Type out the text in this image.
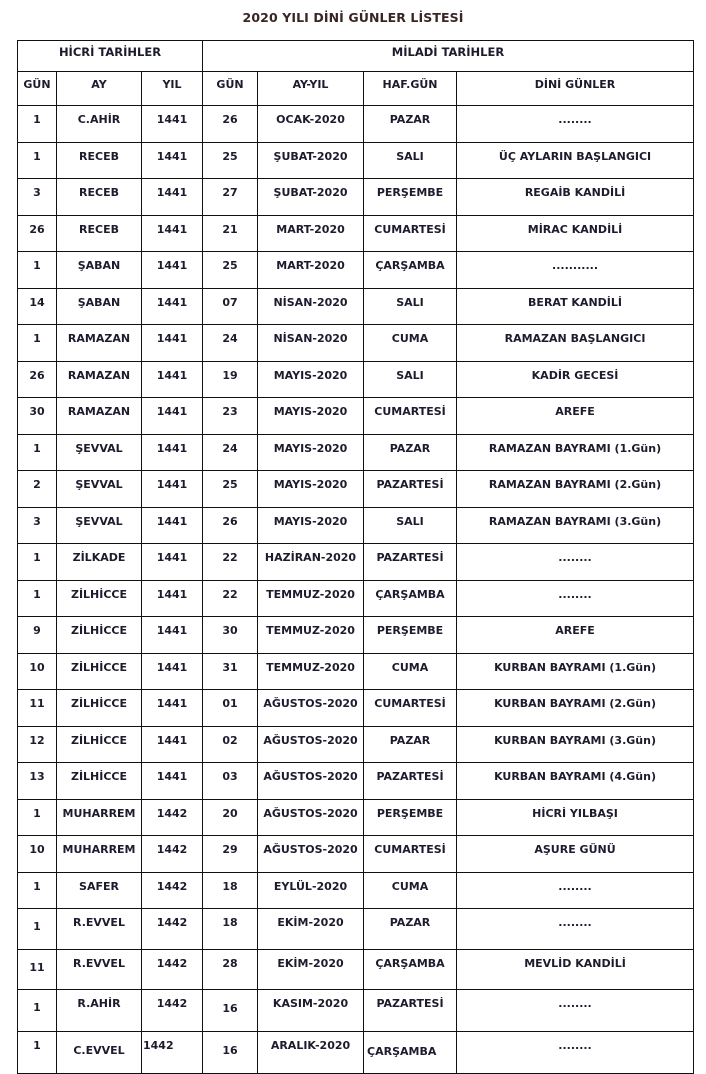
2020 YILI DİNİ GÜNLER LİSTESİ
HİCRİ TARİHLER			MİLADİ TARİHLER			
GÜN	AY	YIL	GÜN	AY-YIL	HAF.GÜN	DİNİ GÜNLER
1	C.AHİR	1441	26	OCAK-2020	PAZAR	........
1	RECEB	1441	25	ŞUBAT-2020	SALI	ÜÇ AYLARIN BAŞLANGICI
3	RECEB	1441	27	ŞUBAT-2020	PERŞEMBE	REGAİB KANDİLİ
26	RECEB	1441	21	MART-2020	CUMARTESİ	MİRAC KANDİLİ
1	ŞABAN	1441	25	MART-2020	ÇARŞAMBA	...........
14	ŞABAN	1441	07	NİSAN-2020	SALI	BERAT KANDİLİ
1	RAMAZAN	1441	24	NİSAN-2020	CUMA	RAMAZAN BAŞLANGICI
26	RAMAZAN	1441	19	MAYIS-2020	SALI	KADİR GECESİ
30	RAMAZAN	1441	23	MAYIS-2020	CUMARTESİ	AREFE
1	ŞEVVAL	1441	24	MAYIS-2020	PAZAR	RAMAZAN BAYRAMI (1.Gün)
2	ŞEVVAL	1441	25	MAYIS-2020	PAZARTESİ	RAMAZAN BAYRAMI (2.Gün)
3	ŞEVVAL	1441	26	MAYIS-2020	SALI	RAMAZAN BAYRAMI (3.Gün)
1	ZİLKADE	1441	22	HAZİRAN-2020	PAZARTESİ	........
1	ZİLHİCCE	1441	22	TEMMUZ-2020	ÇARŞAMBA	........
9	ZİLHİCCE	1441	30	TEMMUZ-2020	PERŞEMBE	AREFE
10	ZİLHİCCE	1441	31	TEMMUZ-2020	CUMA	KURBAN BAYRAMI (1.Gün)
11	ZİLHİCCE	1441	01	AĞUSTOS-2020	CUMARTESİ	KURBAN BAYRAMI (2.Gün)
12	ZİLHİCCE	1441	02	AĞUSTOS-2020	PAZAR	KURBAN BAYRAMI (3.Gün)
13	ZİLHİCCE	1441	03	AĞUSTOS-2020	PAZARTESİ	KURBAN BAYRAMI (4.Gün)
1	MUHARREM	1442	20	AĞUSTOS-2020	PERŞEMBE	HİCRİ YILBAŞI
10	MUHARREM	1442	29	AĞUSTOS-2020	CUMARTESİ	AŞURE GÜNÜ
1	SAFER	1442	18	EYLÜL-2020	CUMA	........
1	R.EVVEL	1442	18	EKİM-2020	PAZAR	........
11	R.EVVEL	1442	28	EKİM-2020	ÇARŞAMBA	MEVLİD KANDİLİ
1	R.AHİR	1442	16	KASIM-2020	PAZARTESİ	........
1	C.EVVEL	1442	16	ARALIK-2020	ÇARŞAMBA	........
